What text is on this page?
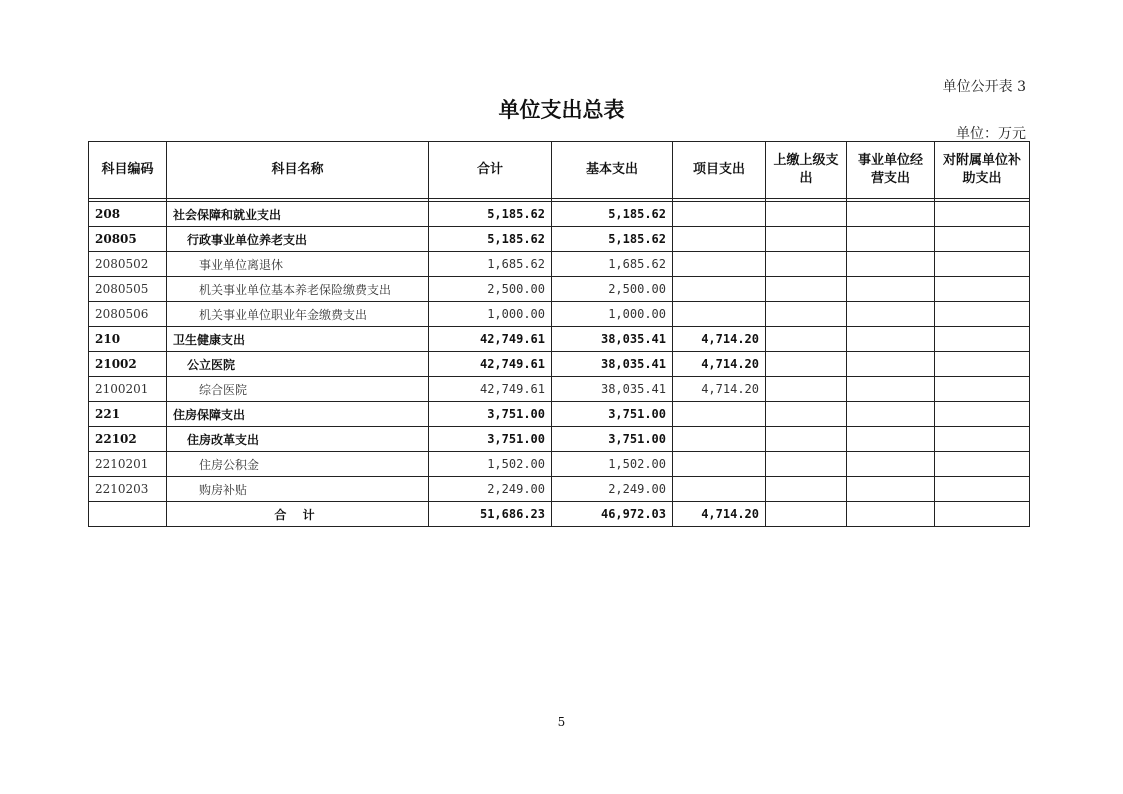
单位公开表 3
单位支出总表
单位：万元
科目编码	科目名称	合计	基本支出	项目支出	上缴上级支出	事业单位经营支出	对附属单位补助支出

208	社会保障和就业支出	5,185.62	5,185.62				
20805	行政事业单位养老支出	5,185.62	5,185.62				
2080502	事业单位离退休	1,685.62	1,685.62				
2080505	机关事业单位基本养老保险缴费支出	2,500.00	2,500.00				
2080506	机关事业单位职业年金缴费支出	1,000.00	1,000.00				
210	卫生健康支出	42,749.61	38,035.41	4,714.20			
21002	公立医院	42,749.61	38,035.41	4,714.20			
2100201	综合医院	42,749.61	38,035.41	4,714.20			
221	住房保障支出	3,751.00	3,751.00				
22102	住房改革支出	3,751.00	3,751.00				
2210201	住房公积金	1,502.00	1,502.00				
2210203	购房补贴	2,249.00	2,249.00				
	合 计	51,686.23	46,972.03	4,714.20			
5
